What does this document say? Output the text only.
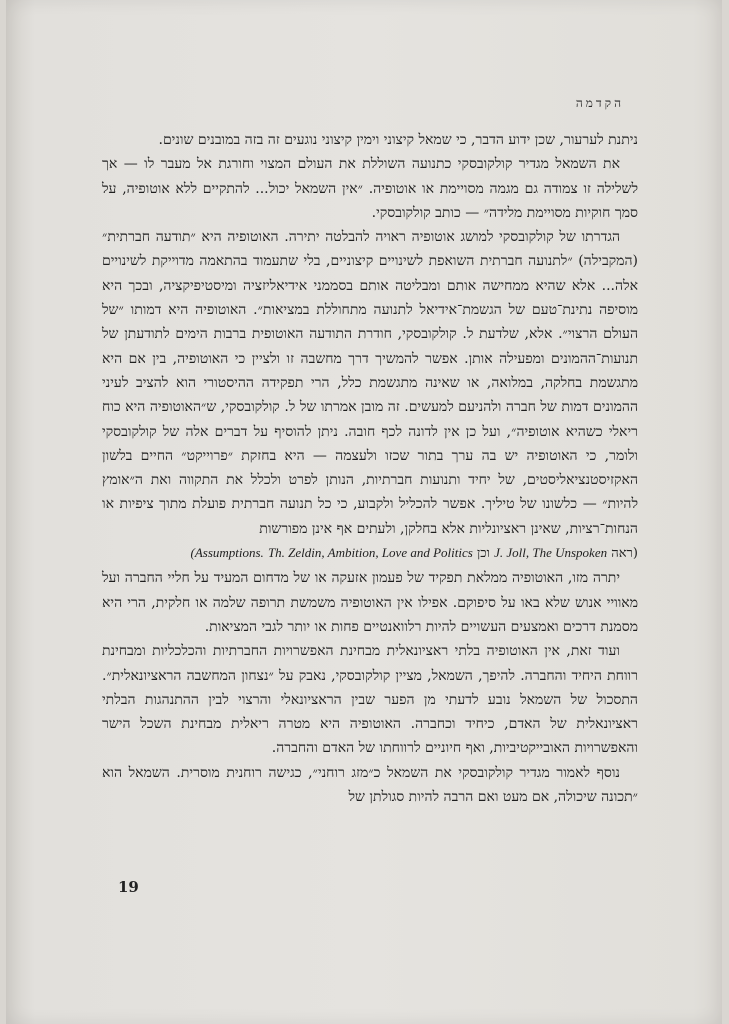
הקדמה

ניתנת לערעור, שכן ידוע הדבר, כי שמאל קיצוני וימין קיצוני נוגעים זה בזה במובנים שונים.

את השמאל מגדיר קולקובסקי כתנועה השוללת את העולם המצוי וחורגת אל מעבר לו — אך לשלילה זו צמודה גם מגמה מסויימת או אוטופיה. ״אין השמאל יכול... להתקיים ללא אוטופיה, על סמך חוקיות מסויימת מלידה״ — כותב קולקובסקי.

הגדרתו של קולקובסקי למושג אוטופיה ראויה להבלטה יתירה. האוטופיה היא ״תודעה חברתית״ (המקבילה) ״לתנועה חברתית השואפת לשינויים קיצוניים, בלי שתעמוד בהתאמה מדוייקת לשינויים אלה... אלא שהיא ממחישה אותם ומבליטה אותם בסממני אידיאליזציה ומיסטיפיקציה, ובכך היא מוסיפה נתינת־טעם של הגשמת־אידיאל לתנועה מתחוללת במציאות״. האוטופיה היא דמותו ״של העולם הרצוי״. אלא, שלדעת ל. קולקובסקי, חודרת התודעה האוטופית ברבות הימים לתודעתן של תנועות־ההמונים ומפעילה אותן. אפשר להמשיך דרך מחשבה זו ולציין כי האוטופיה, בין אם היא מתגשמת בחלקה, במלואה, או שאינה מתגשמת כלל, הרי תפקידה ההיסטורי הוא להציב לעיני ההמונים דמות של חברה ולהניעם למעשים. זה מובן אמרתו של ל. קולקובסקי, ש״האוטופיה היא כוח ריאלי כשהיא אוטופיה״, ועל כן אין לדונה לכף חובה. ניתן להוסיף על דברים אלה של קולקובסקי ולומר, כי האוטופיה יש בה ערך בתור שכזו ולעצמה — היא בחזקת ״פרוייקט״ החיים בלשון האקזיסטנציאליסטים, של יחיד ותנועות חברתיות, הנותן לפרט ולכלל את התקווה ואת ה״אומץ להיות״ — כלשונו של טיליך. אפשר להכליל ולקבוע, כי כל תנועה חברתית פועלת מתוך ציפיות או הנחות־רציות, שאינן ראציונליות אלא בחלקן, ולעתים אף אינן מפורשות

(ראה J. Joll, The Unspoken וכן Th. Zeldin, Ambition, Love and Politics (Assumptions.

יתרה מזו, האוטופיה ממלאת תפקיד של פעמון אזעקה או של מדחום המעיד על חליי החברה ועל מאוויי אנוש שלא באו על סיפוקם. אפילו אין האוטופיה משמשת תרופה שלמה או חלקית, הרי היא מסמנת דרכים ואמצעים העשויים להיות רלוואנטיים פחות או יותר לגבי המציאות.

ועוד זאת, אין האוטופיה בלתי ראציונאלית מבחינת האפשרויות החברתיות והכלכליות ומבחינת רווחת היחיד והחברה. להיפך, השמאל, מציין קולקובסקי, נאבק על ״נצחון המחשבה הראציונאלית״. התסכול של השמאל נובע לדעתי מן הפער שבין הראציונאלי והרצוי לבין ההתנהגות הבלתי ראציונאלית של האדם, כיחיד וכחברה. האוטופיה היא מטרה ריאלית מבחינת השכל הישר והאפשרויות האובייקטיביות, ואף חיוניים לרווחתו של האדם והחברה.

נוסף לאמור מגדיר קולקובסקי את השמאל כ״מזג רוחני״, כגישה רוחנית מוסרית. השמאל הוא ״תכונה שיכולה, אם מעט ואם הרבה להיות סגולתן של

19
